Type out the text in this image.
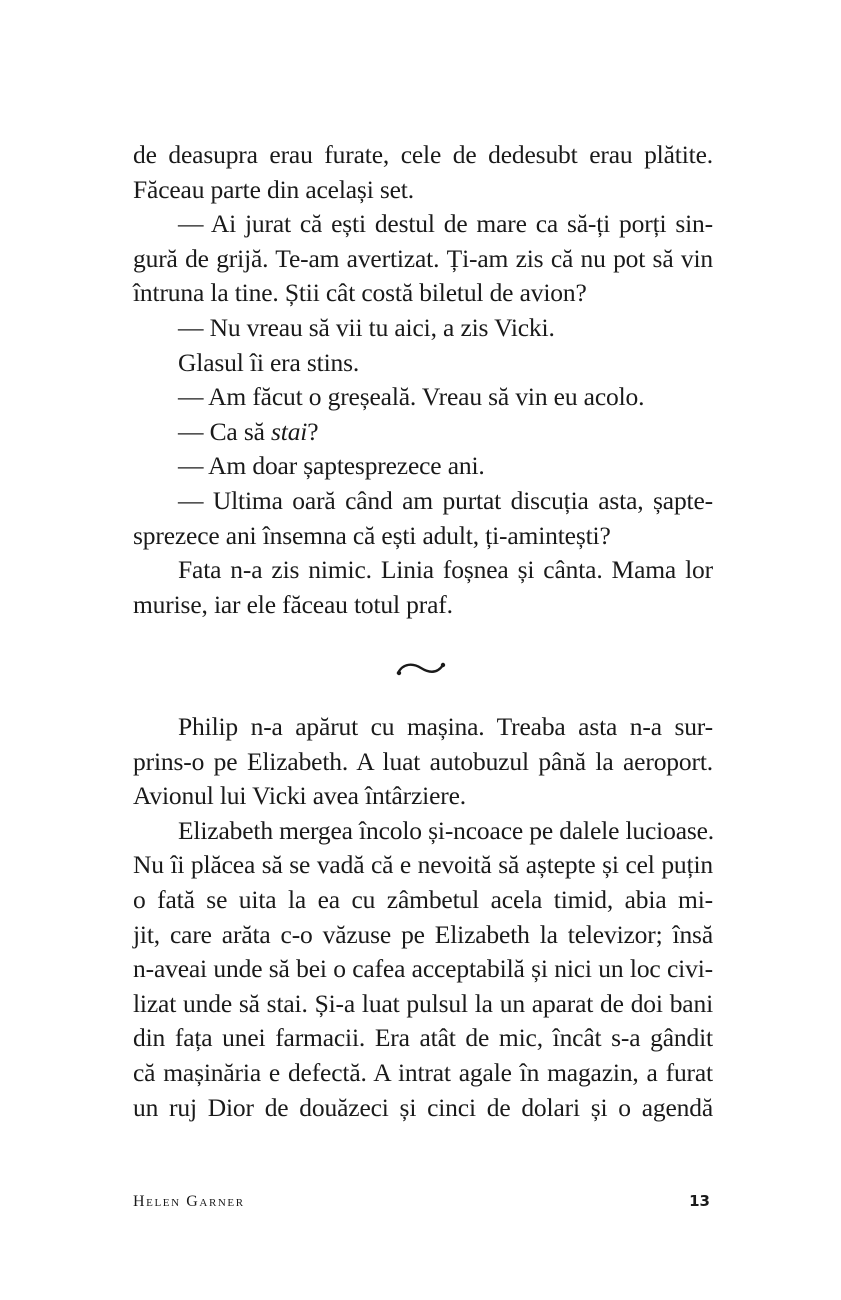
de deasupra erau furate, cele de dedesubt erau plătite.
Făceau parte din același set.
— Ai jurat că ești destul de mare ca să-ți porți sin-
gură de grijă. Te-am avertizat. Ți-am zis că nu pot să vin
întruna la tine. Știi cât costă biletul de avion?
— Nu vreau să vii tu aici, a zis Vicki.
Glasul îi era stins.
— Am făcut o greșeală. Vreau să vin eu acolo.
— Ca să stai?
— Am doar șaptesprezece ani.
— Ultima oară când am purtat discuția asta, șapte-
sprezece ani însemna că ești adult, ți-amintești?
Fata n-a zis nimic. Linia foșnea și cânta. Mama lor
murise, iar ele făceau totul praf.
Philip n-a apărut cu mașina. Treaba asta n-a sur-
prins-o pe Elizabeth. A luat autobuzul până la aeroport.
Avionul lui Vicki avea întârziere.
Elizabeth mergea încolo și-ncoace pe dalele lucioase.
Nu îi plăcea să se vadă că e nevoită să aștepte și cel puțin
o fată se uita la ea cu zâmbetul acela timid, abia mi-
jit, care arăta c-o văzuse pe Elizabeth la televizor; însă
n-aveai unde să bei o cafea acceptabilă și nici un loc civi-
lizat unde să stai. Și-a luat pulsul la un aparat de doi bani
din fața unei farmacii. Era atât de mic, încât s-a gândit
că mașinăria e defectă. A intrat agale în magazin, a furat
un ruj Dior de douăzeci și cinci de dolari și o agendă
Helen Garner	13
